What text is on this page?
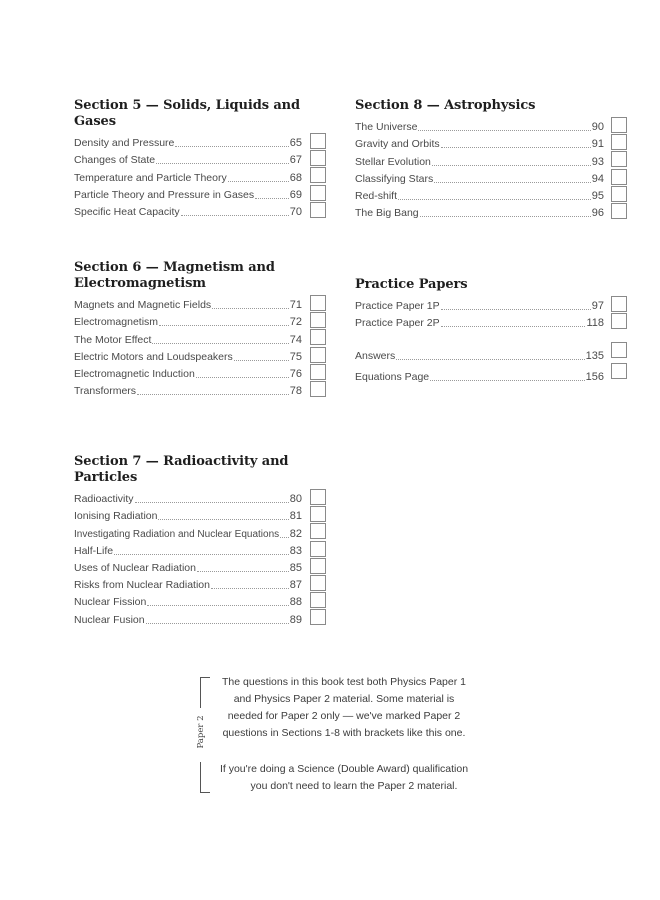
Section 5 — Solids, Liquids and Gases
Density and Pressure	65
Changes of State	67
Temperature and Particle Theory	68
Particle Theory and Pressure in Gases	69
Specific Heat Capacity	70
Section 6 — Magnetism and
Electromagnetism
Magnets and Magnetic Fields	71
Electromagnetism	72
The Motor Effect	74
Electric Motors and Loudspeakers	75
Electromagnetic Induction	76
Transformers	78
Section 7 — Radioactivity and Particles
Radioactivity	80
Ionising Radiation	81
Investigating Radiation and Nuclear Equations 82
Half-Life	83
Uses of Nuclear Radiation	85
Risks from Nuclear Radiation	87
Nuclear Fission	88
Nuclear Fusion	89
Section 8 — Astrophysics
The Universe	90
Gravity and Orbits	91
Stellar Evolution	93
Classifying Stars	94
Red-shift	95
The Big Bang	96
Practice Papers
Practice Paper 1P	97
Practice Paper 2P	118
Answers	135
Equations Page	156
Paper 2
The questions in this book test both Physics Paper 1
and Physics Paper 2 material. Some material is
needed for Paper 2 only — we've marked Paper 2
questions in Sections 1-8 with brackets like this one.
If you're doing a Science (Double Award) qualification
you don't need to learn the Paper 2 material.
